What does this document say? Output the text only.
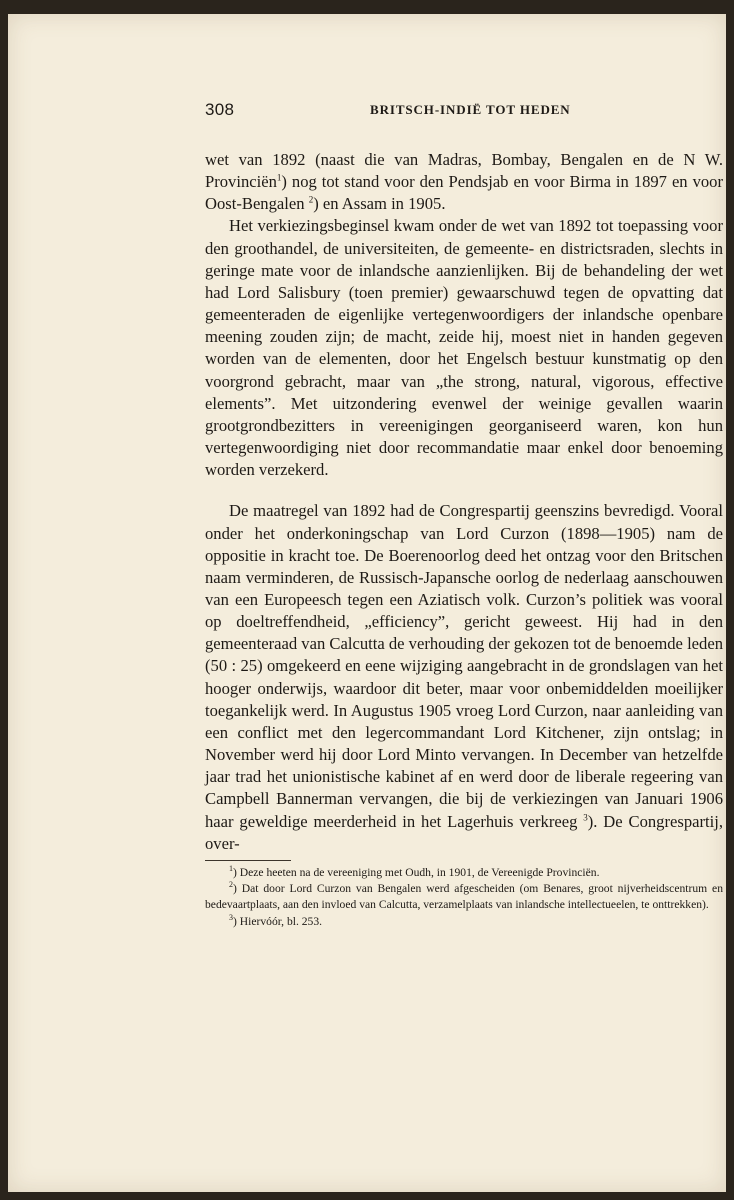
308	BRITSCH-INDIË TOT HEDEN

wet van 1892 (naast die van Madras, Bombay, Bengalen en de N W. Provinciën$^1$) nog tot stand voor den Pendsjab en voor Birma in 1897 en voor Oost-Bengalen $^2$) en Assam in 1905.

Het verkiezingsbeginsel kwam onder de wet van 1892 tot toepassing voor den groothandel, de universiteiten, de gemeente- en districtsraden, slechts in geringe mate voor de inlandsche aanzienlijken. Bij de behandeling der wet had Lord Salisbury (toen premier) gewaarschuwd tegen de opvatting dat gemeenteraden de eigenlijke vertegenwoordigers der inlandsche openbare meening zouden zijn; de macht, zeide hij, moest niet in handen gegeven worden van de elementen, door het Engelsch bestuur kunstmatig op den voorgrond gebracht, maar van „the strong, natural, vigorous, effective elements”. Met uitzondering evenwel der weinige gevallen waarin grootgrondbezitters in vereenigingen georganiseerd waren, kon hun vertegenwoordiging niet door recommandatie maar enkel door benoeming worden verzekerd.

De maatregel van 1892 had de Congrespartij geenszins bevredigd. Vooral onder het onderkoningschap van Lord Curzon (1898—1905) nam de oppositie in kracht toe. De Boerenoorlog deed het ontzag voor den Britschen naam verminderen, de Russisch-Japansche oorlog de nederlaag aanschouwen van een Europeesch tegen een Aziatisch volk. Curzon’s politiek was vooral op doeltreffendheid, „efficiency”, gericht geweest. Hij had in den gemeenteraad van Calcutta de verhouding der gekozen tot de benoemde leden (50 : 25) omgekeerd en eene wijziging aangebracht in de grondslagen van het hooger onderwijs, waardoor dit beter, maar voor onbemiddelden moeilijker toegankelijk werd. In Augustus 1905 vroeg Lord Curzon, naar aanleiding van een conflict met den legercommandant Lord Kitchener, zijn ontslag; in November werd hij door Lord Minto vervangen. In December van hetzelfde jaar trad het unionistische kabinet af en werd door de liberale regeering van Campbell Bannerman vervangen, die bij de verkiezingen van Januari 1906 haar geweldige meerderheid in het Lagerhuis verkreeg $^3$). De Congrespartij, over-

$^1$) Deze heeten na de vereeniging met Oudh, in 1901, de Vereenigde Provinciën.

$^2$) Dat door Lord Curzon van Bengalen werd afgescheiden (om Benares, groot nijverheidscentrum en bedevaartplaats, aan den invloed van Calcutta, verzamelplaats van inlandsche intellectueelen, te onttrekken).

$^3$) Hiervóór, bl. 253.
